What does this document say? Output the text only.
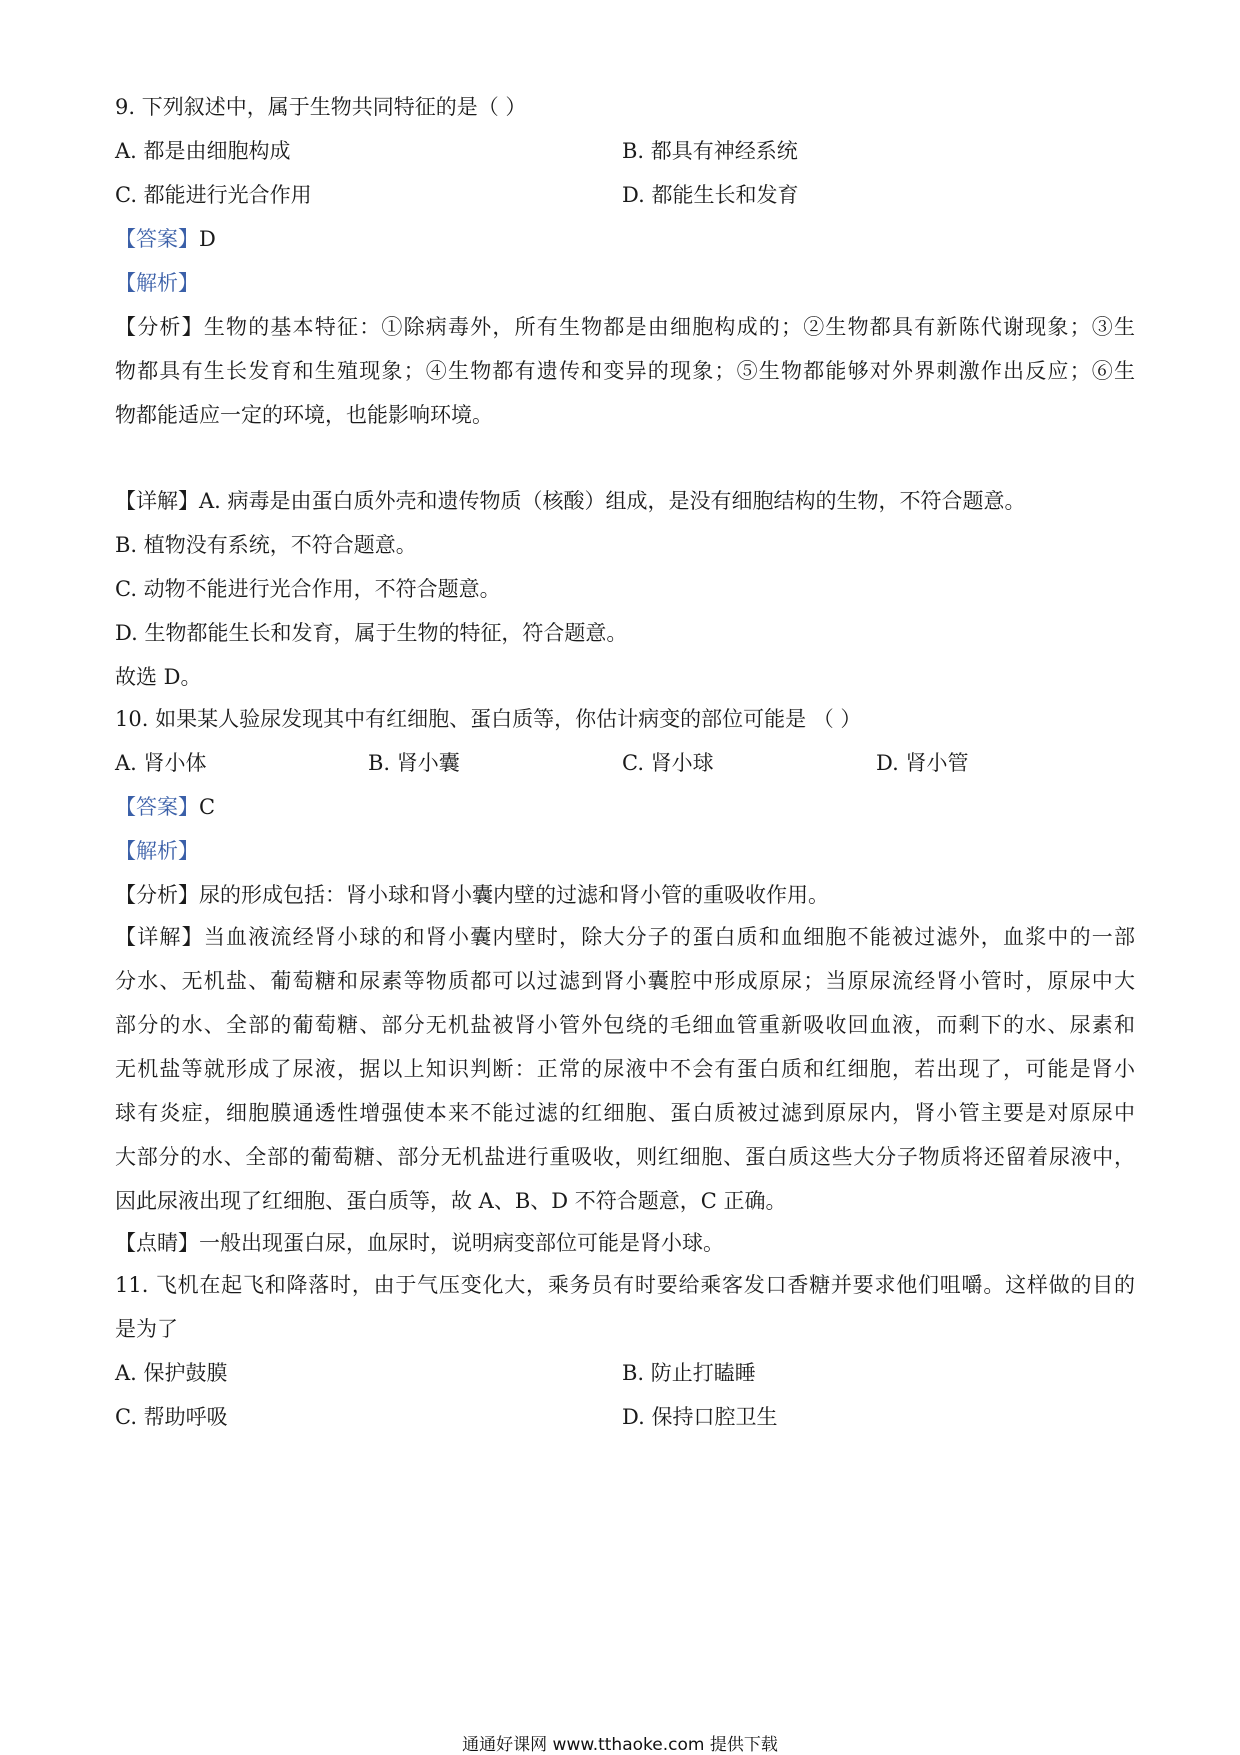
9. 下列叙述中，属于生物共同特征的是（ ）
A. 都是由细胞构成	B. 都具有神经系统
C. 都能进行光合作用	D. 都能生长和发育
【答案】D
【解析】
【分析】生物的基本特征：①除病毒外，所有生物都是由细胞构成的；②生物都具有新陈代谢现象；③生
物都具有生长发育和生殖现象；④生物都有遗传和变异的现象；⑤生物都能够对外界刺激作出反应；⑥生
物都能适应一定的环境，也能影响环境。
【详解】A. 病毒是由蛋白质外壳和遗传物质（核酸）组成，是没有细胞结构的生物，不符合题意。
B. 植物没有系统，不符合题意。
C. 动物不能进行光合作用，不符合题意。
D. 生物都能生长和发育，属于生物的特征，符合题意。
故选 D。
10. 如果某人验尿发现其中有红细胞、蛋白质等，你估计病变的部位可能是 （ ）
A. 肾小体	B. 肾小囊	C. 肾小球	D. 肾小管
【答案】C
【解析】
【分析】尿的形成包括：肾小球和肾小囊内壁的过滤和肾小管的重吸收作用。
【详解】当血液流经肾小球的和肾小囊内壁时，除大分子的蛋白质和血细胞不能被过滤外，血浆中的一部
分水、无机盐、葡萄糖和尿素等物质都可以过滤到肾小囊腔中形成原尿；当原尿流经肾小管时，原尿中大
部分的水、全部的葡萄糖、部分无机盐被肾小管外包绕的毛细血管重新吸收回血液，而剩下的水、尿素和
无机盐等就形成了尿液，据以上知识判断：正常的尿液中不会有蛋白质和红细胞，若出现了，可能是肾小
球有炎症，细胞膜通透性增强使本来不能过滤的红细胞、蛋白质被过滤到原尿内，肾小管主要是对原尿中
大部分的水、全部的葡萄糖、部分无机盐进行重吸收，则红细胞、蛋白质这些大分子物质将还留着尿液中，
因此尿液出现了红细胞、蛋白质等，故 A、B、D 不符合题意，C 正确。
【点睛】一般出现蛋白尿，血尿时，说明病变部位可能是肾小球。
11. 飞机在起飞和降落时，由于气压变化大，乘务员有时要给乘客发口香糖并要求他们咀嚼。这样做的目的
是为了
A. 保护鼓膜	B. 防止打瞌睡
C. 帮助呼吸	D. 保持口腔卫生
通通好课网 www.tthaoke.com 提供下载
